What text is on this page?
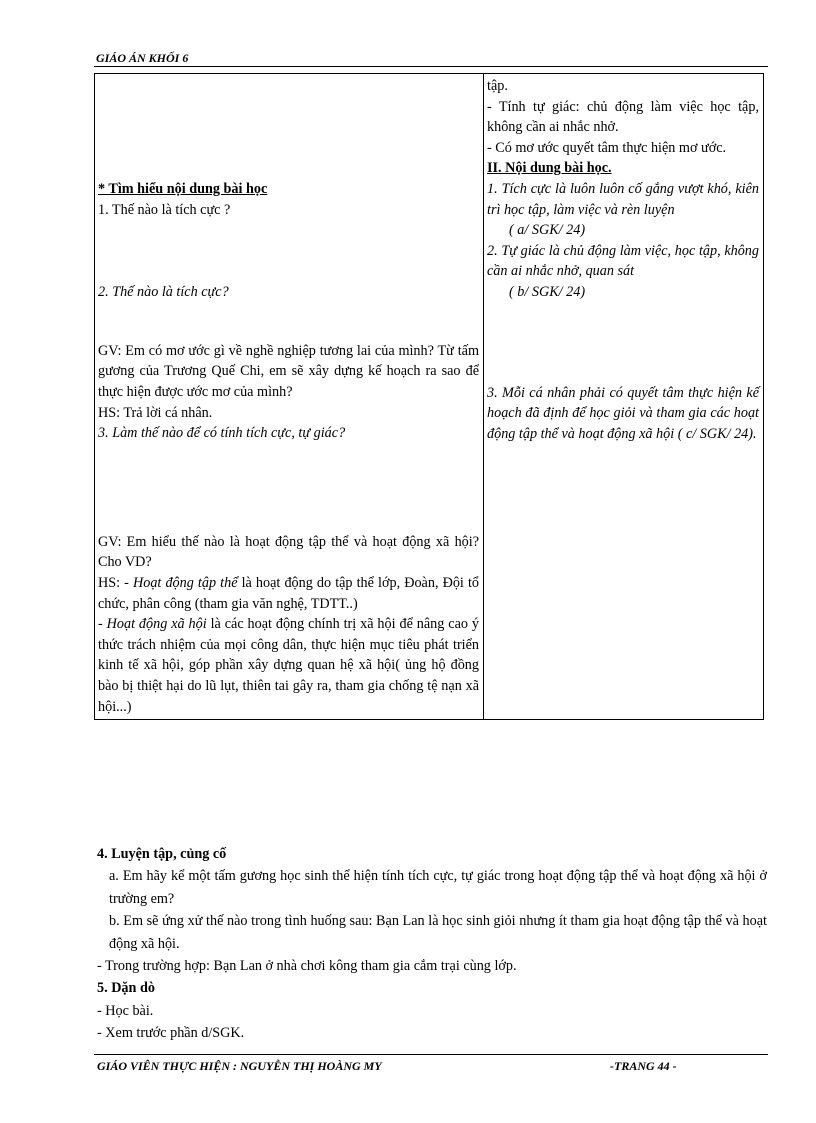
GIÁO ÁN KHỐI 6
* Tìm hiểu nội dung bài học
1. Thế nào là tích cực ?
2. Thế nào là tích cực?
GV: Em có mơ ước gì về nghề nghiệp tương lai của mình? Từ tấm gương của Trương Quế Chi, em sẽ xây dựng kế hoạch ra sao để thực hiện được ước mơ của mình?
HS: Trả lời cá nhân.
3. Làm thế nào để có tính tích cực, tự giác?
GV: Em hiểu thế nào là hoạt động tập thể và hoạt động xã hội? Cho VD?
HS: - Hoạt động tập thể là hoạt động do tập thể lớp, Đoàn, Đội tổ chức, phân công (tham gia văn nghệ, TDTT..)
- Hoạt động xã hội là các hoạt động chính trị xã hội để nâng cao ý thức trách nhiệm của mọi công dân, thực hiện mục tiêu phát triển kinh tế xã hội, góp phần xây dựng quan hệ xã hội( ủng hộ đồng bào bị thiệt hại do lũ lụt, thiên tai gây ra, tham gia chống tệ nạn xã hội...)

tập.
- Tính tự giác: chủ động làm việc học tập, không cần ai nhắc nhở.
- Có mơ ước quyết tâm thực hiện mơ ước.
II. Nội dung bài học.
1. Tích cực là luôn luôn cố gắng vượt khó, kiên trì học tập, làm việc và rèn luyện
( a/ SGK/ 24)
2. Tự giác là chủ động làm việc, học tập, không cần ai nhắc nhở, quan sát
( b/ SGK/ 24)
3. Mỗi cá nhân phải có quyết tâm thực hiện kế hoạch đã định để học giỏi và tham gia các hoạt động tập thể và hoạt động xã hội ( c/ SGK/ 24).
4. Luyện tập, củng cố
a. Em hãy kể một tấm gương học sinh thể hiện tính tích cực, tự giác trong hoạt động tập thể và hoạt động xã hội ở trường em?
b. Em sẽ ứng xử thế nào trong tình huống sau: Bạn Lan là học sinh giỏi nhưng ít tham gia hoạt động tập thể và hoạt động xã hội.
- Trong trường hợp: Bạn Lan ở nhà chơi kông tham gia cắm trại cùng lớp.
5. Dặn dò
- Học bài.
- Xem trước phần d/SGK.
GIÁO VIÊN THỰC HIỆN : NGUYỄN THỊ HOÀNG MY	-TRANG 44 -
